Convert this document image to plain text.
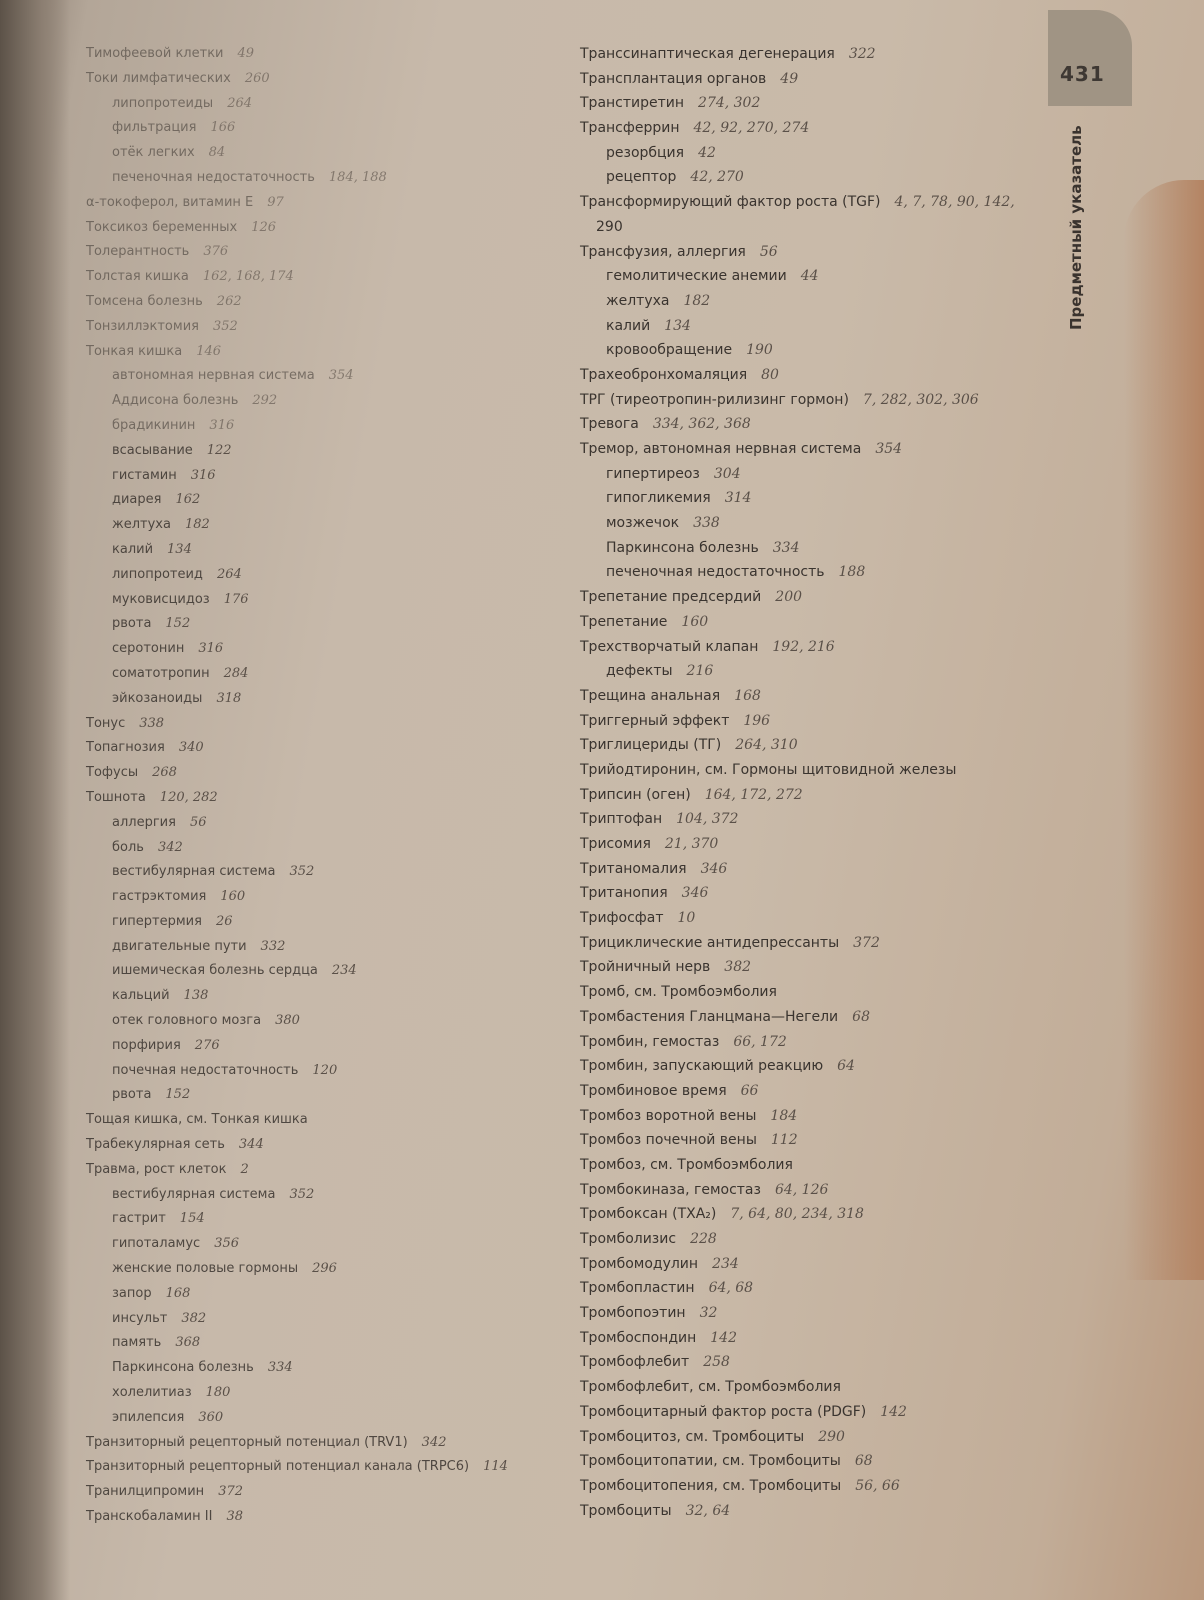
431
Предметный указатель
Тимофеевой клетки 49
Токи лимфатических 260
липопротеиды 264
фильтрация 166
отёк легких 84
печеночная недостаточность 184, 188
α-токоферол, витамин Е 97
Токсикоз беременных 126
Толерантность 376
Толстая кишка 162, 168, 174
Томсена болезнь 262
Тонзиллэктомия 352
Тонкая кишка 146
автономная нервная система 354
Аддисона болезнь 292
брадикинин 316
всасывание 122
гистамин 316
диарея 162
желтуха 182
калий 134
липопротеид 264
муковисцидоз 176
рвота 152
серотонин 316
соматотропин 284
эйкозаноиды 318
Тонус 338
Топагнозия 340
Тофусы 268
Тошнота 120, 282
аллергия 56
боль 342
вестибулярная система 352
гастрэктомия 160
гипертермия 26
двигательные пути 332
ишемическая болезнь сердца 234
кальций 138
отек головного мозга 380
порфирия 276
почечная недостаточность 120
рвота 152
Тощая кишка, см. Тонкая кишка
Трабекулярная сеть 344
Травма, рост клеток 2
вестибулярная система 352
гастрит 154
гипоталамус 356
женские половые гормоны 296
запор 168
инсульт 382
память 368
Паркинсона болезнь 334
холелитиаз 180
эпилепсия 360
Транзиторный рецепторный потенциал (TRV1) 342
Транзиторный рецепторный потенциал канала (TRPC6) 114
Транилципромин 372
Транскобаламин II 38
Транссинаптическая дегенерация 322
Трансплантация органов 49
Транстиретин 274, 302
Трансферрин 42, 92, 270, 274
резорбция 42
рецептор 42, 270
Трансформирующий фактор роста (TGF) 4, 7, 78, 90, 142,
290
Трансфузия, аллергия 56
гемолитические анемии 44
желтуха 182
калий 134
кровообращение 190
Трахеобронхомаляция 80
ТРГ (тиреотропин-рилизинг гормон) 7, 282, 302, 306
Тревога 334, 362, 368
Тремор, автономная нервная система 354
гипертиреоз 304
гипогликемия 314
мозжечок 338
Паркинсона болезнь 334
печеночная недостаточность 188
Трепетание предсердий 200
Трепетание 160
Трехстворчатый клапан 192, 216
дефекты 216
Трещина анальная 168
Триггерный эффект 196
Триглицериды (ТГ) 264, 310
Трийодтиронин, см. Гормоны щитовидной железы
Трипсин (оген) 164, 172, 272
Триптофан 104, 372
Трисомия 21, 370
Тританомалия 346
Тританопия 346
Трифосфат 10
Трициклические антидепрессанты 372
Тройничный нерв 382
Тромб, см. Тромбоэмболия
Тромбастения Гланцмана—Негели 68
Тромбин, гемостаз 66, 172
Тромбин, запускающий реакцию 64
Тромбиновое время 66
Тромбоз воротной вены 184
Тромбоз почечной вены 112
Тромбоз, см. Тромбоэмболия
Тромбокиназа, гемостаз 64, 126
Тромбоксан (TXA₂) 7, 64, 80, 234, 318
Тромболизис 228
Тромбомодулин 234
Тромбопластин 64, 68
Тромбопоэтин 32
Тромбоспондин 142
Тромбофлебит 258
Тромбофлебит, см. Тромбоэмболия
Тромбоцитарный фактор роста (PDGF) 142
Тромбоцитоз, см. Тромбоциты 290
Тромбоцитопатии, см. Тромбоциты 68
Тромбоцитопения, см. Тромбоциты 56, 66
Тромбоциты 32, 64
